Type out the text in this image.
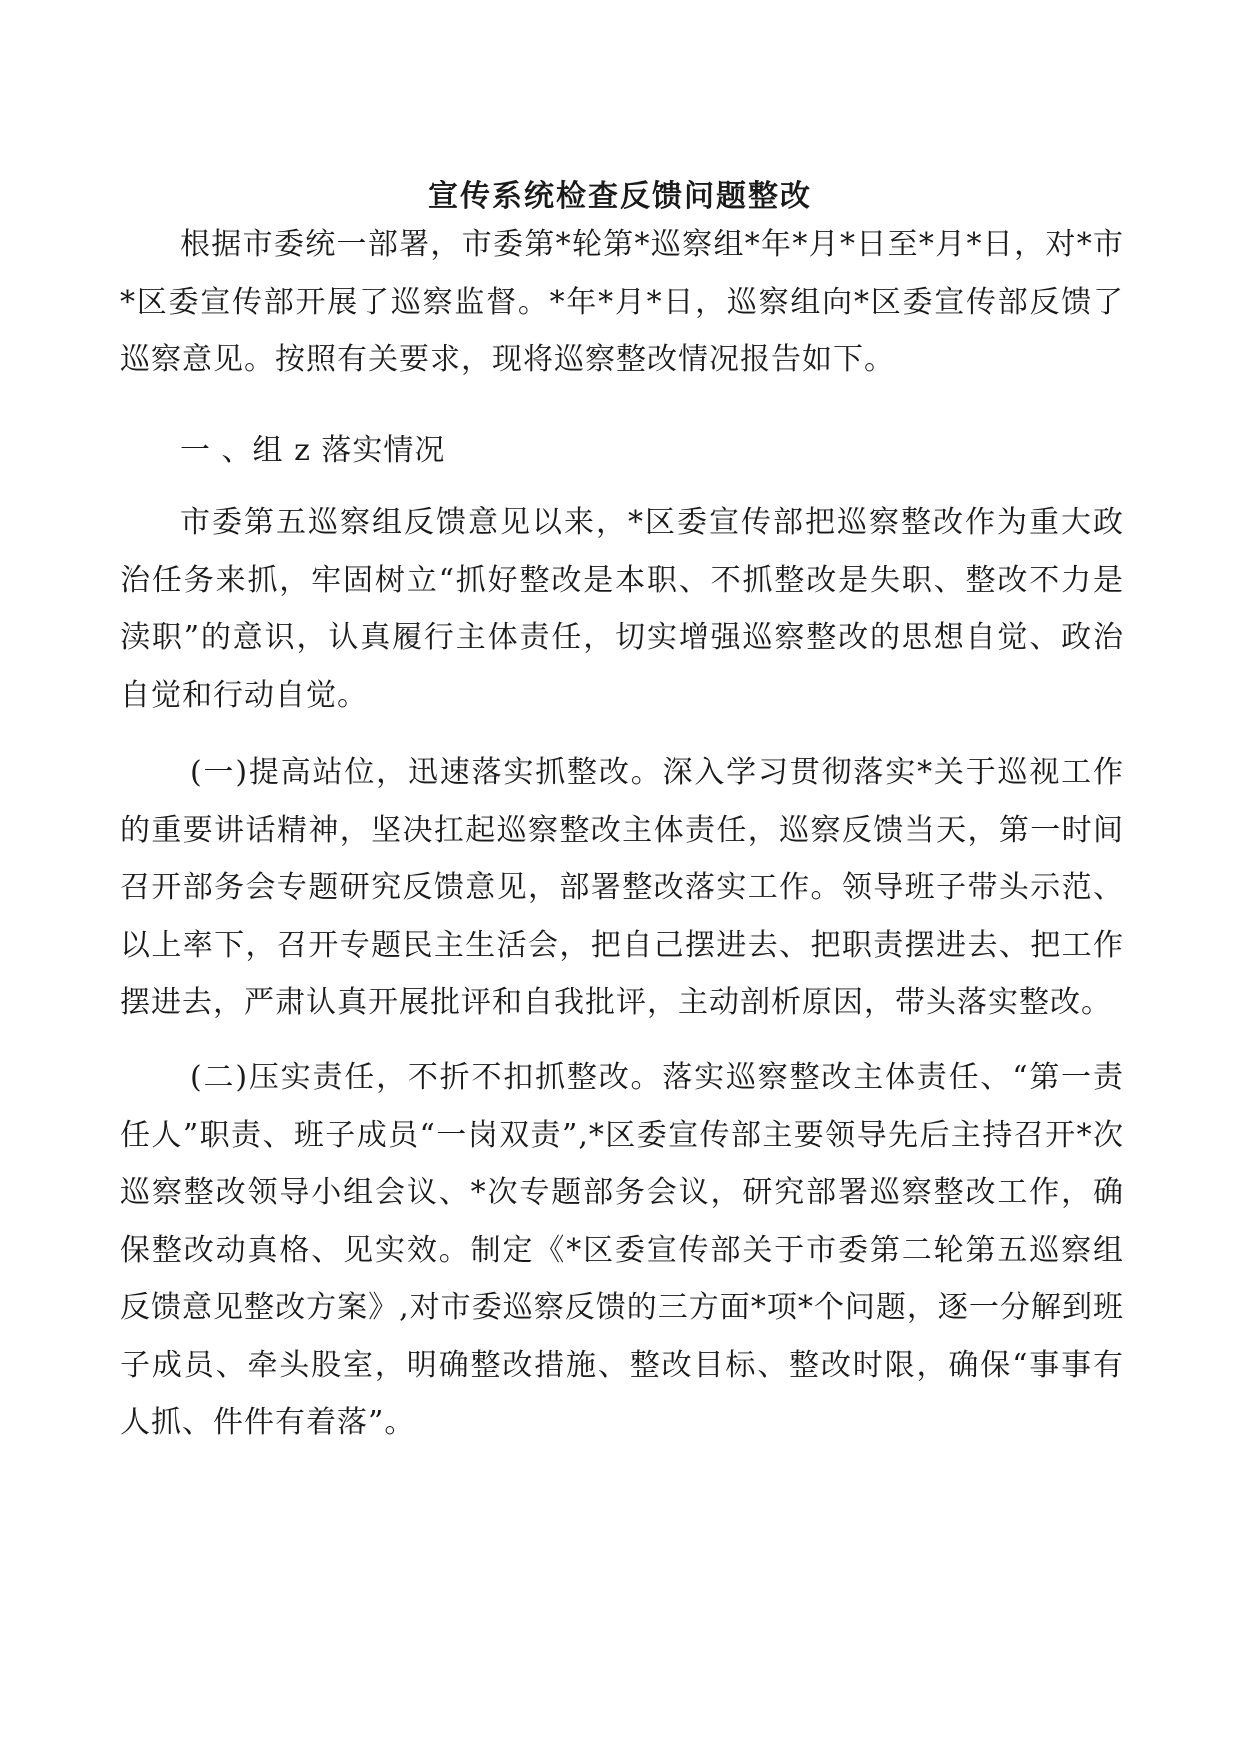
宣传系统检查反馈问题整改

根据市委统一部署，市委第*轮第*巡察组*年*月*日至*月*日，对*市*区委宣传部开展了巡察监督。*年*月*日，巡察组向*区委宣传部反馈了巡察意见。按照有关要求，现将巡察整改情况报告如下。

一 、组 z 落实情况

市委第五巡察组反馈意见以来，*区委宣传部把巡察整改作为重大政治任务来抓，牢固树立“抓好整改是本职、不抓整改是失职、整改不力是渎职”的意识，认真履行主体责任，切实增强巡察整改的思想自觉、政治自觉和行动自觉。

(一)提高站位，迅速落实抓整改。深入学习贯彻落实*关于巡视工作的重要讲话精神，坚决扛起巡察整改主体责任，巡察反馈当天，第一时间召开部务会专题研究反馈意见，部署整改落实工作。领导班子带头示范、以上率下，召开专题民主生活会，把自己摆进去、把职责摆进去、把工作摆进去，严肃认真开展批评和自我批评，主动剖析原因，带头落实整改。

(二)压实责任，不折不扣抓整改。落实巡察整改主体责任、“第一责任人”职责、班子成员“一岗双责”,*区委宣传部主要领导先后主持召开*次巡察整改领导小组会议、*次专题部务会议，研究部署巡察整改工作，确保整改动真格、见实效。制定《*区委宣传部关于市委第二轮第五巡察组反馈意见整改方案》,对市委巡察反馈的三方面*项*个问题，逐一分解到班子成员、牵头股室，明确整改措施、整改目标、整改时限，确保“事事有人抓、件件有着落”。
